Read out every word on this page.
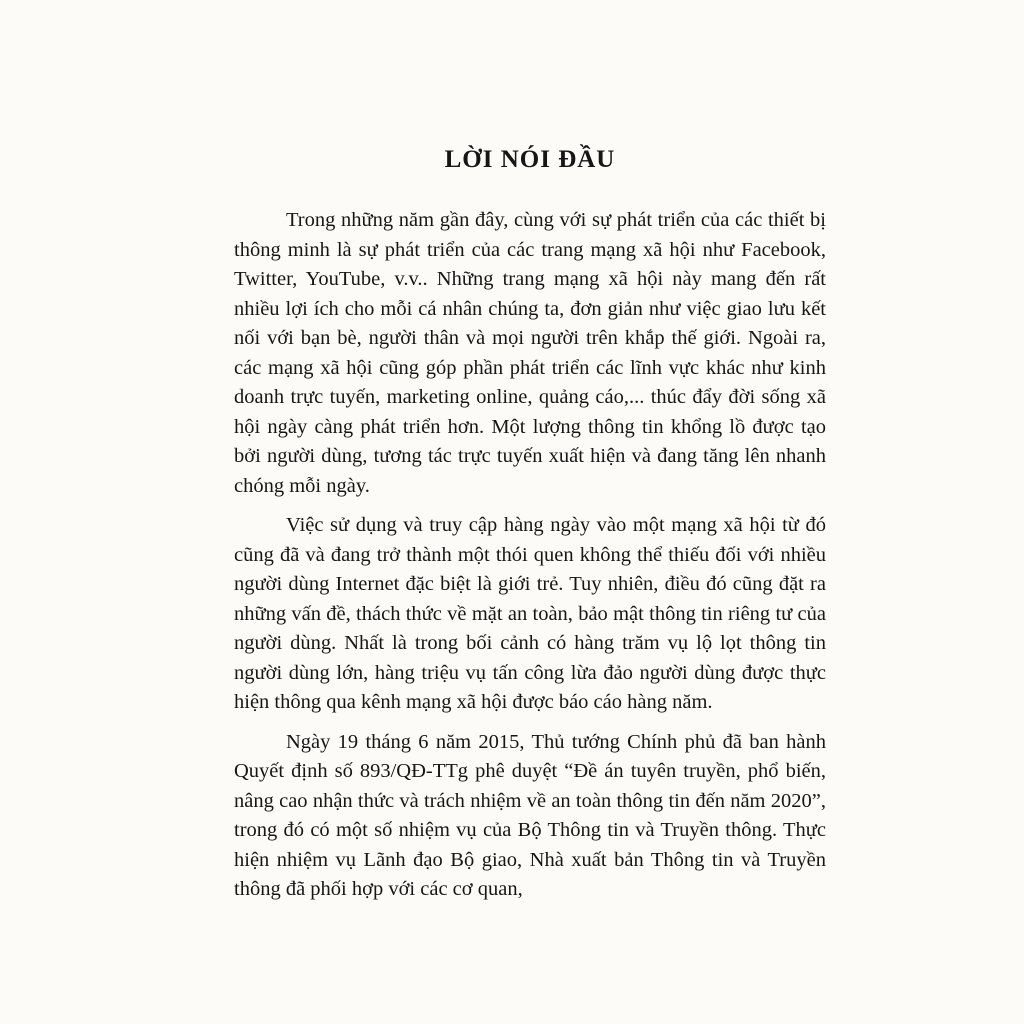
LỜI NÓI ĐẦU

Trong những năm gần đây, cùng với sự phát triển của các thiết bị thông minh là sự phát triển của các trang mạng xã hội như Facebook, Twitter, YouTube, v.v.. Những trang mạng xã hội này mang đến rất nhiều lợi ích cho mỗi cá nhân chúng ta, đơn giản như việc giao lưu kết nối với bạn bè, người thân và mọi người trên khắp thế giới. Ngoài ra, các mạng xã hội cũng góp phần phát triển các lĩnh vực khác như kinh doanh trực tuyến, marketing online, quảng cáo,... thúc đẩy đời sống xã hội ngày càng phát triển hơn. Một lượng thông tin khổng lồ được tạo bởi người dùng, tương tác trực tuyến xuất hiện và đang tăng lên nhanh chóng mỗi ngày.

Việc sử dụng và truy cập hàng ngày vào một mạng xã hội từ đó cũng đã và đang trở thành một thói quen không thể thiếu đối với nhiều người dùng Internet đặc biệt là giới trẻ. Tuy nhiên, điều đó cũng đặt ra những vấn đề, thách thức về mặt an toàn, bảo mật thông tin riêng tư của người dùng. Nhất là trong bối cảnh có hàng trăm vụ lộ lọt thông tin người dùng lớn, hàng triệu vụ tấn công lừa đảo người dùng được thực hiện thông qua kênh mạng xã hội được báo cáo hàng năm.

Ngày 19 tháng 6 năm 2015, Thủ tướng Chính phủ đã ban hành Quyết định số 893/QĐ-TTg phê duyệt “Đề án tuyên truyền, phổ biến, nâng cao nhận thức và trách nhiệm về an toàn thông tin đến năm 2020”, trong đó có một số nhiệm vụ của Bộ Thông tin và Truyền thông. Thực hiện nhiệm vụ Lãnh đạo Bộ giao, Nhà xuất bản Thông tin và Truyền thông đã phối hợp với các cơ quan,
